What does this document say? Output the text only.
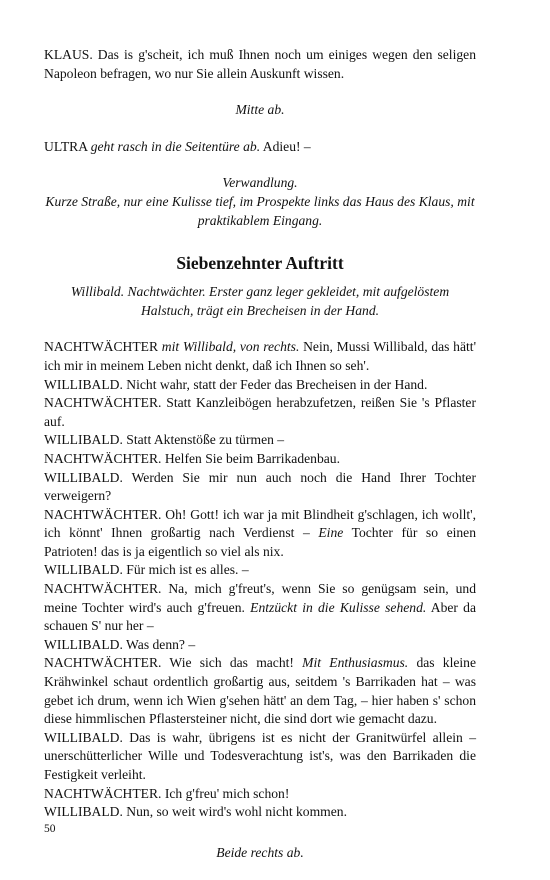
KLAUS. Das is g'scheit, ich muß Ihnen noch um einiges wegen den seligen Napoleon befragen, wo nur Sie allein Auskunft wissen.

Mitte ab.

ULTRA geht rasch in die Seitentüre ab. Adieu! –

Verwandlung.

Kurze Straße, nur eine Kulisse tief, im Prospekte links das Haus des Klaus, mit praktikablem Eingang.

Siebenzehnter Auftritt

Willibald. Nachtwächter. Erster ganz leger gekleidet, mit aufgelöstem Halstuch, trägt ein Brecheisen in der Hand.

NACHTWÄCHTER mit Willibald, von rechts. Nein, Mussi Willibald, das hätt' ich mir in meinem Leben nicht denkt, daß ich Ihnen so seh'.

WILLIBALD. Nicht wahr, statt der Feder das Brecheisen in der Hand.

NACHTWÄCHTER. Statt Kanzleibögen herabzufetzen, reißen Sie 's Pflaster auf.

WILLIBALD. Statt Aktenstöße zu türmen –

NACHTWÄCHTER. Helfen Sie beim Barrikadenbau.

WILLIBALD. Werden Sie mir nun auch noch die Hand Ihrer Tochter verweigern?

NACHTWÄCHTER. Oh! Gott! ich war ja mit Blindheit g'schlagen, ich wollt', ich könnt' Ihnen großartig nach Verdienst – Eine Tochter für so einen Patrioten! das is ja eigentlich so viel als nix.

WILLIBALD. Für mich ist es alles. –

NACHTWÄCHTER. Na, mich g'freut's, wenn Sie so genügsam sein, und meine Tochter wird's auch g'freuen. Entzückt in die Kulisse sehend. Aber da schauen S' nur her –

WILLIBALD. Was denn? –

NACHTWÄCHTER. Wie sich das macht! Mit Enthusiasmus. das kleine Krähwinkel schaut ordentlich großartig aus, seitdem 's Barrikaden hat – was gebet ich drum, wenn ich Wien g'sehen hätt' an dem Tag, – hier haben s' schon diese himmlischen Pflastersteiner nicht, die sind dort wie gemacht dazu.

WILLIBALD. Das is wahr, übrigens ist es nicht der Granitwürfel allein – unerschütterlicher Wille und Todesverachtung ist's, was den Barrikaden die Festigkeit verleiht.

NACHTWÄCHTER. Ich g'freu' mich schon!

WILLIBALD. Nun, so weit wird's wohl nicht kommen.

Beide rechts ab.

50
